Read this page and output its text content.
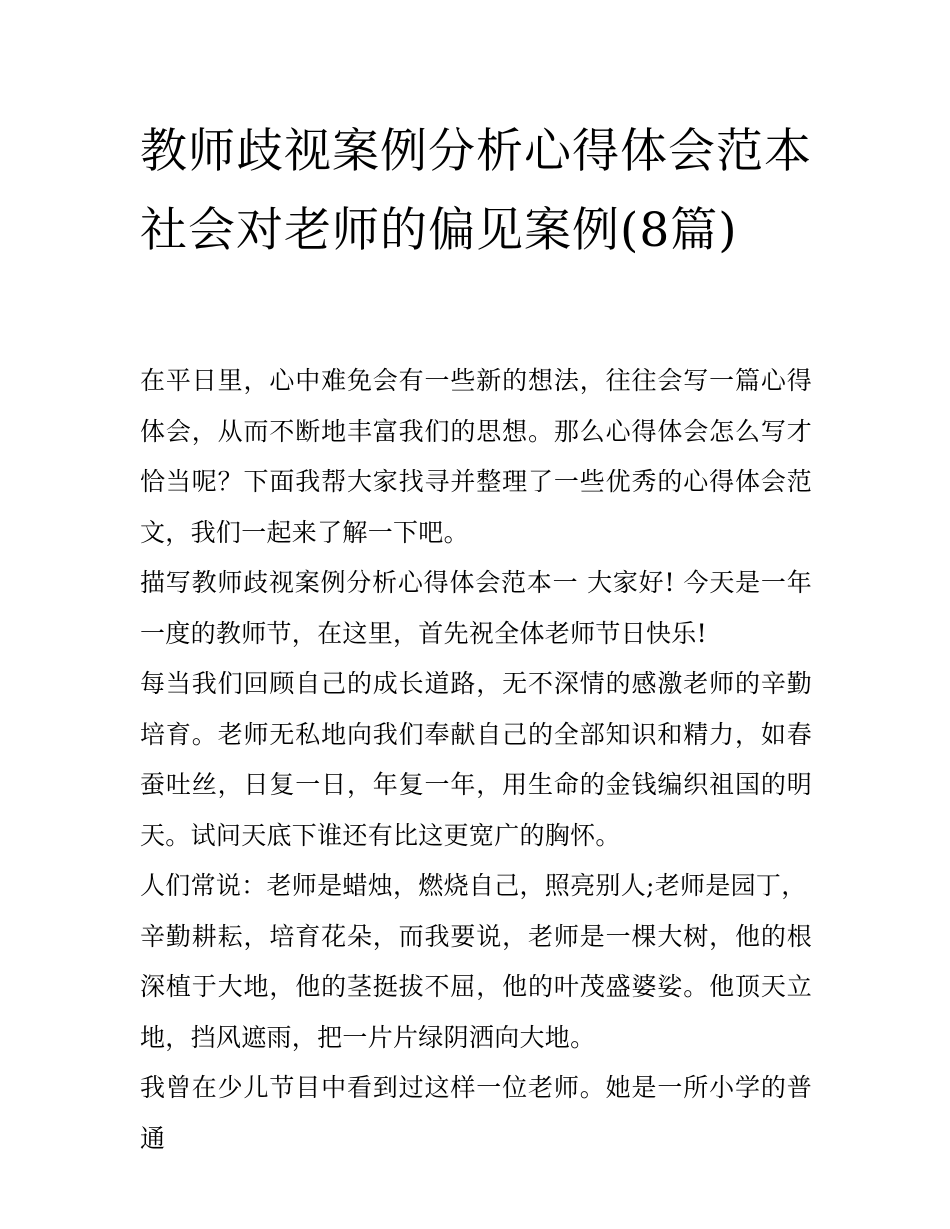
教师歧视案例分析心得体会范本 社会对老师的偏见案例(8篇)

在平日里，心中难免会有一些新的想法，往往会写一篇心得体会，从而不断地丰富我们的思想。那么心得体会怎么写才恰当呢？下面我帮大家找寻并整理了一些优秀的心得体会范文，我们一起来了解一下吧。

描写教师歧视案例分析心得体会范本一 大家好! 今天是一年一度的教师节，在这里，首先祝全体老师节日快乐!

每当我们回顾自己的成长道路，无不深情的感激老师的辛勤培育。老师无私地向我们奉献自己的全部知识和精力，如春蚕吐丝，日复一日，年复一年，用生命的金钱编织祖国的明天。试问天底下谁还有比这更宽广的胸怀。

人们常说：老师是蜡烛，燃烧自己，照亮别人;老师是园丁，

辛勤耕耘，培育花朵，而我要说，老师是一棵大树，他的根深植于大地，他的茎挺拔不屈，他的叶茂盛婆娑。他顶天立地，挡风遮雨，把一片片绿阴洒向大地。

我曾在少儿节目中看到过这样一位老师。她是一所小学的普通
